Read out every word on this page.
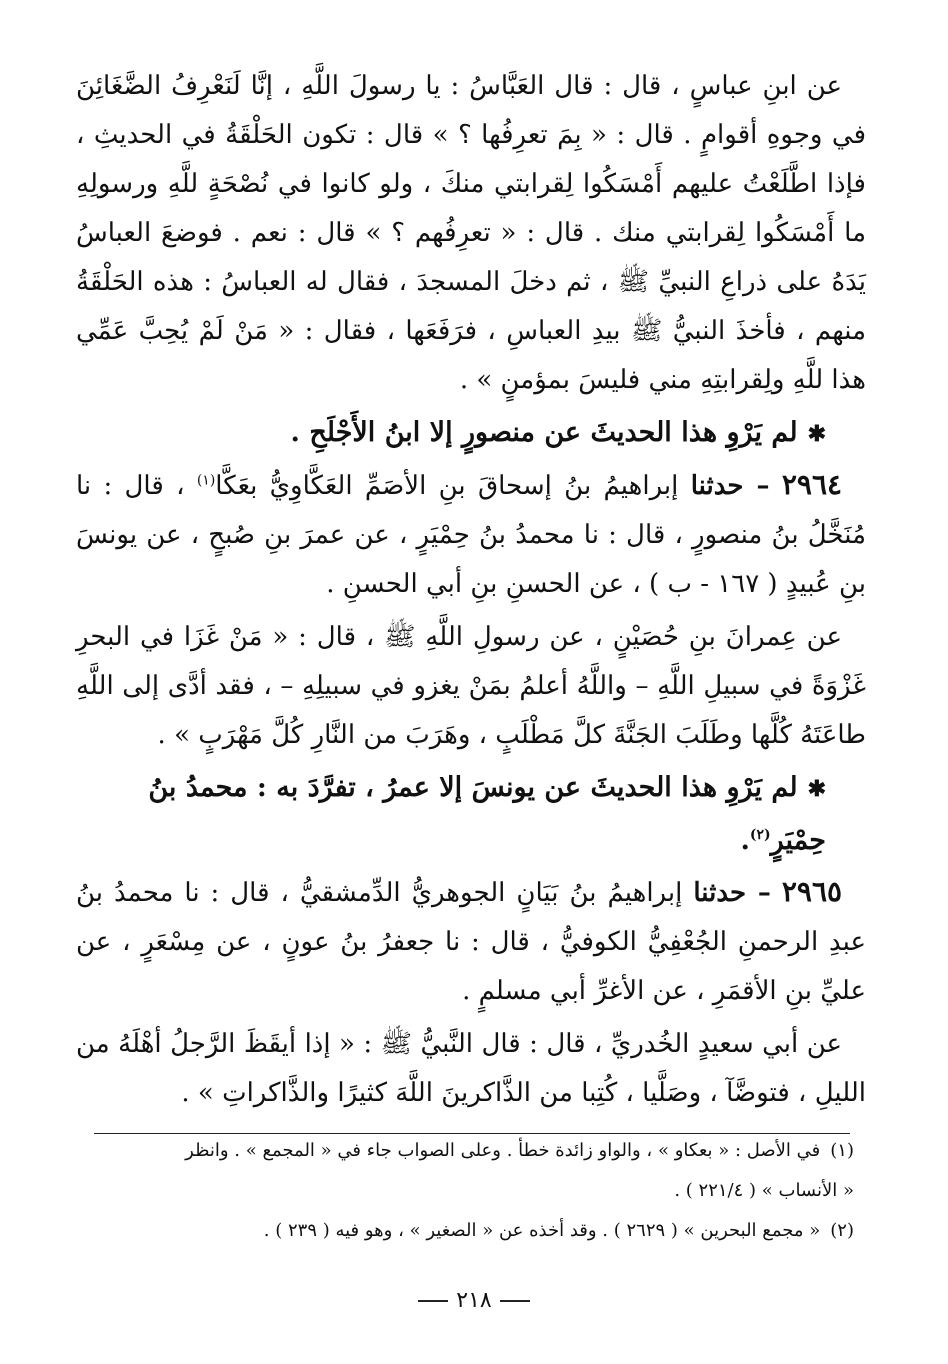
عن ابنِ عباسٍ ، قال : قال العَبَّاسُ : يا رسولَ اللَّهِ ، إنَّا لَنَعْرِفُ الضَّغَائِنَ في وجوهِ أقوامٍ . قال : « بِمَ تعرِفُها ؟ » قال : تكون الحَلْقَةُ في الحديثِ ، فإذا اطَّلَعْتُ عليهم أَمْسَكُوا لِقرابتي منكَ ، ولو كانوا في نُصْحَةٍ للَّهِ ورسولِهِ ما أَمْسَكُوا لِقرابتي منك . قال : « تعرِفُهم ؟ » قال : نعم . فوضعَ العباسُ يَدَهُ على ذراعِ النبيِّ ﷺ ، ثم دخلَ المسجدَ ، فقال له العباسُ : هذه الحَلْقَةُ منهم ، فأخذَ النبيُّ ﷺ بيدِ العباسِ ، فرَفَعَها ، فقال : « مَنْ لَمْ يُحِبَّ عَمِّي هذا للَّهِ ولِقرابتِهِ مني فليسَ بمؤمنٍ » .

✱لم يَرْوِ هذا الحديثَ عن منصورٍ إلا ابنُ الأَجْلَحِ .

٢٩٦٤ – حدثنا إبراهيمُ بنُ إسحاقَ بنِ الأصَمِّ العَكَّاوِيُّ بعَكَّا$^{(١)}$ ، قال : نا مُنَخَّلُ بنُ منصورٍ ، قال : نا محمدُ بنُ حِمْيَرٍ ، عن عمرَ بنِ صُبحٍ ، عن يونسَ بنِ عُبيدٍ ( ١٦٧ - ب ) ، عن الحسنِ بنِ أبي الحسنِ .

عن عِمرانَ بنِ حُصَيْنٍ ، عن رسولِ اللَّهِ ﷺ ، قال : « مَنْ غَزَا في البحرِ غَزْوَةً في سبيلِ اللَّهِ – واللَّهُ أعلمُ بمَنْ يغزو في سبيلِهِ – ، فقد أدَّى إلى اللَّهِ طاعَتَهُ كُلَّها وطَلَبَ الجَنَّةَ كلَّ مَطْلَبٍ ، وهَرَبَ من النَّارِ كُلَّ مَهْرَبٍ » .

✱لم يَرْوِ هذا الحديثَ عن يونسَ إلا عمرُ ، تفرَّدَ به : محمدُ بنُ حِمْيَرٍ$^{(٢)}$.

٢٩٦٥ – حدثنا إبراهيمُ بنُ بَيَانٍ الجوهريُّ الدِّمشقيُّ ، قال : نا محمدُ بنُ عبدِ الرحمنِ الجُعْفِيُّ الكوفيُّ ، قال : نا جعفرُ بنُ عونٍ ، عن مِسْعَرٍ ، عن عليِّ بنِ الأقمَرِ ، عن الأغرِّ أبي مسلمٍ .

عن أبي سعيدٍ الخُدريِّ ، قال : قال النَّبيُّ ﷺ : « إذا أيقَظَ الرَّجلُ أهْلَهُ من الليلِ ، فتوضَّآ ، وصَلَّيا ، كُتِبا من الذَّاكرينَ اللَّهَ كثيرًا والذَّاكراتِ » .

(١)في الأصل : « بعكاو » ، والواو زائدة خطأ . وعلى الصواب جاء في « المجمع » . وانظر

« الأنساب » ( ٢٢١/٤ ) .

(٢)« مجمع البحرين » ( ٢٦٢٩ ) . وقد أخذه عن « الصغير » ، وهو فيه ( ٢٣٩ ) .

٢١٨
